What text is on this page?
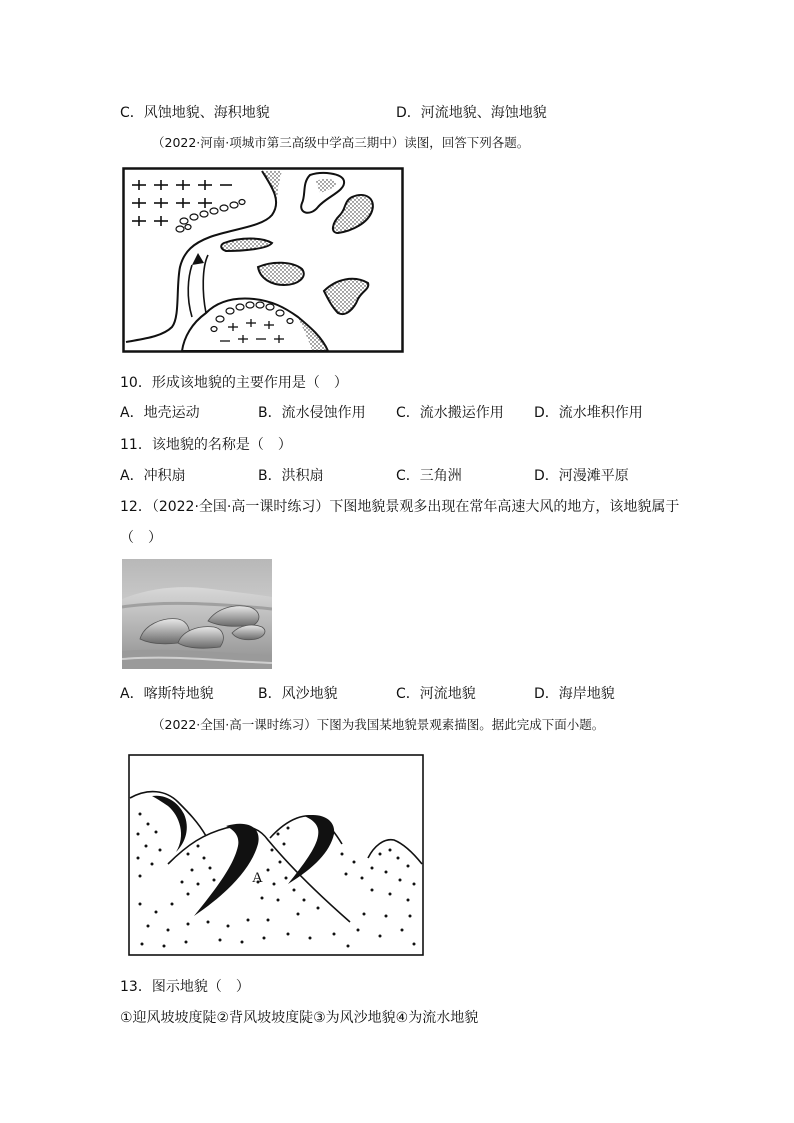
C．风蚀地貌、海积地貌	D．河流地貌、海蚀地貌
（2022·河南·项城市第三高级中学高三期中）读图，回答下列各题。
10．形成该地貌的主要作用是（　）
A．地壳运动	B．流水侵蚀作用 C．流水搬运作用 D．流水堆积作用
11．该地貌的名称是（　）
A．冲积扇	B．洪积扇	C．三角洲	D．河漫滩平原
12．（2022·全国·高一课时练习）下图地貌景观多出现在常年高速大风的地方，该地貌属于
（　）
A．喀斯特地貌	B．风沙地貌	C．河流地貌	D．海岸地貌
（2022·全国·高一课时练习）下图为我国某地貌景观素描图。据此完成下面小题。
A
13．图示地貌（　）
①迎风坡坡度陡②背风坡坡度陡③为风沙地貌④为流水地貌
